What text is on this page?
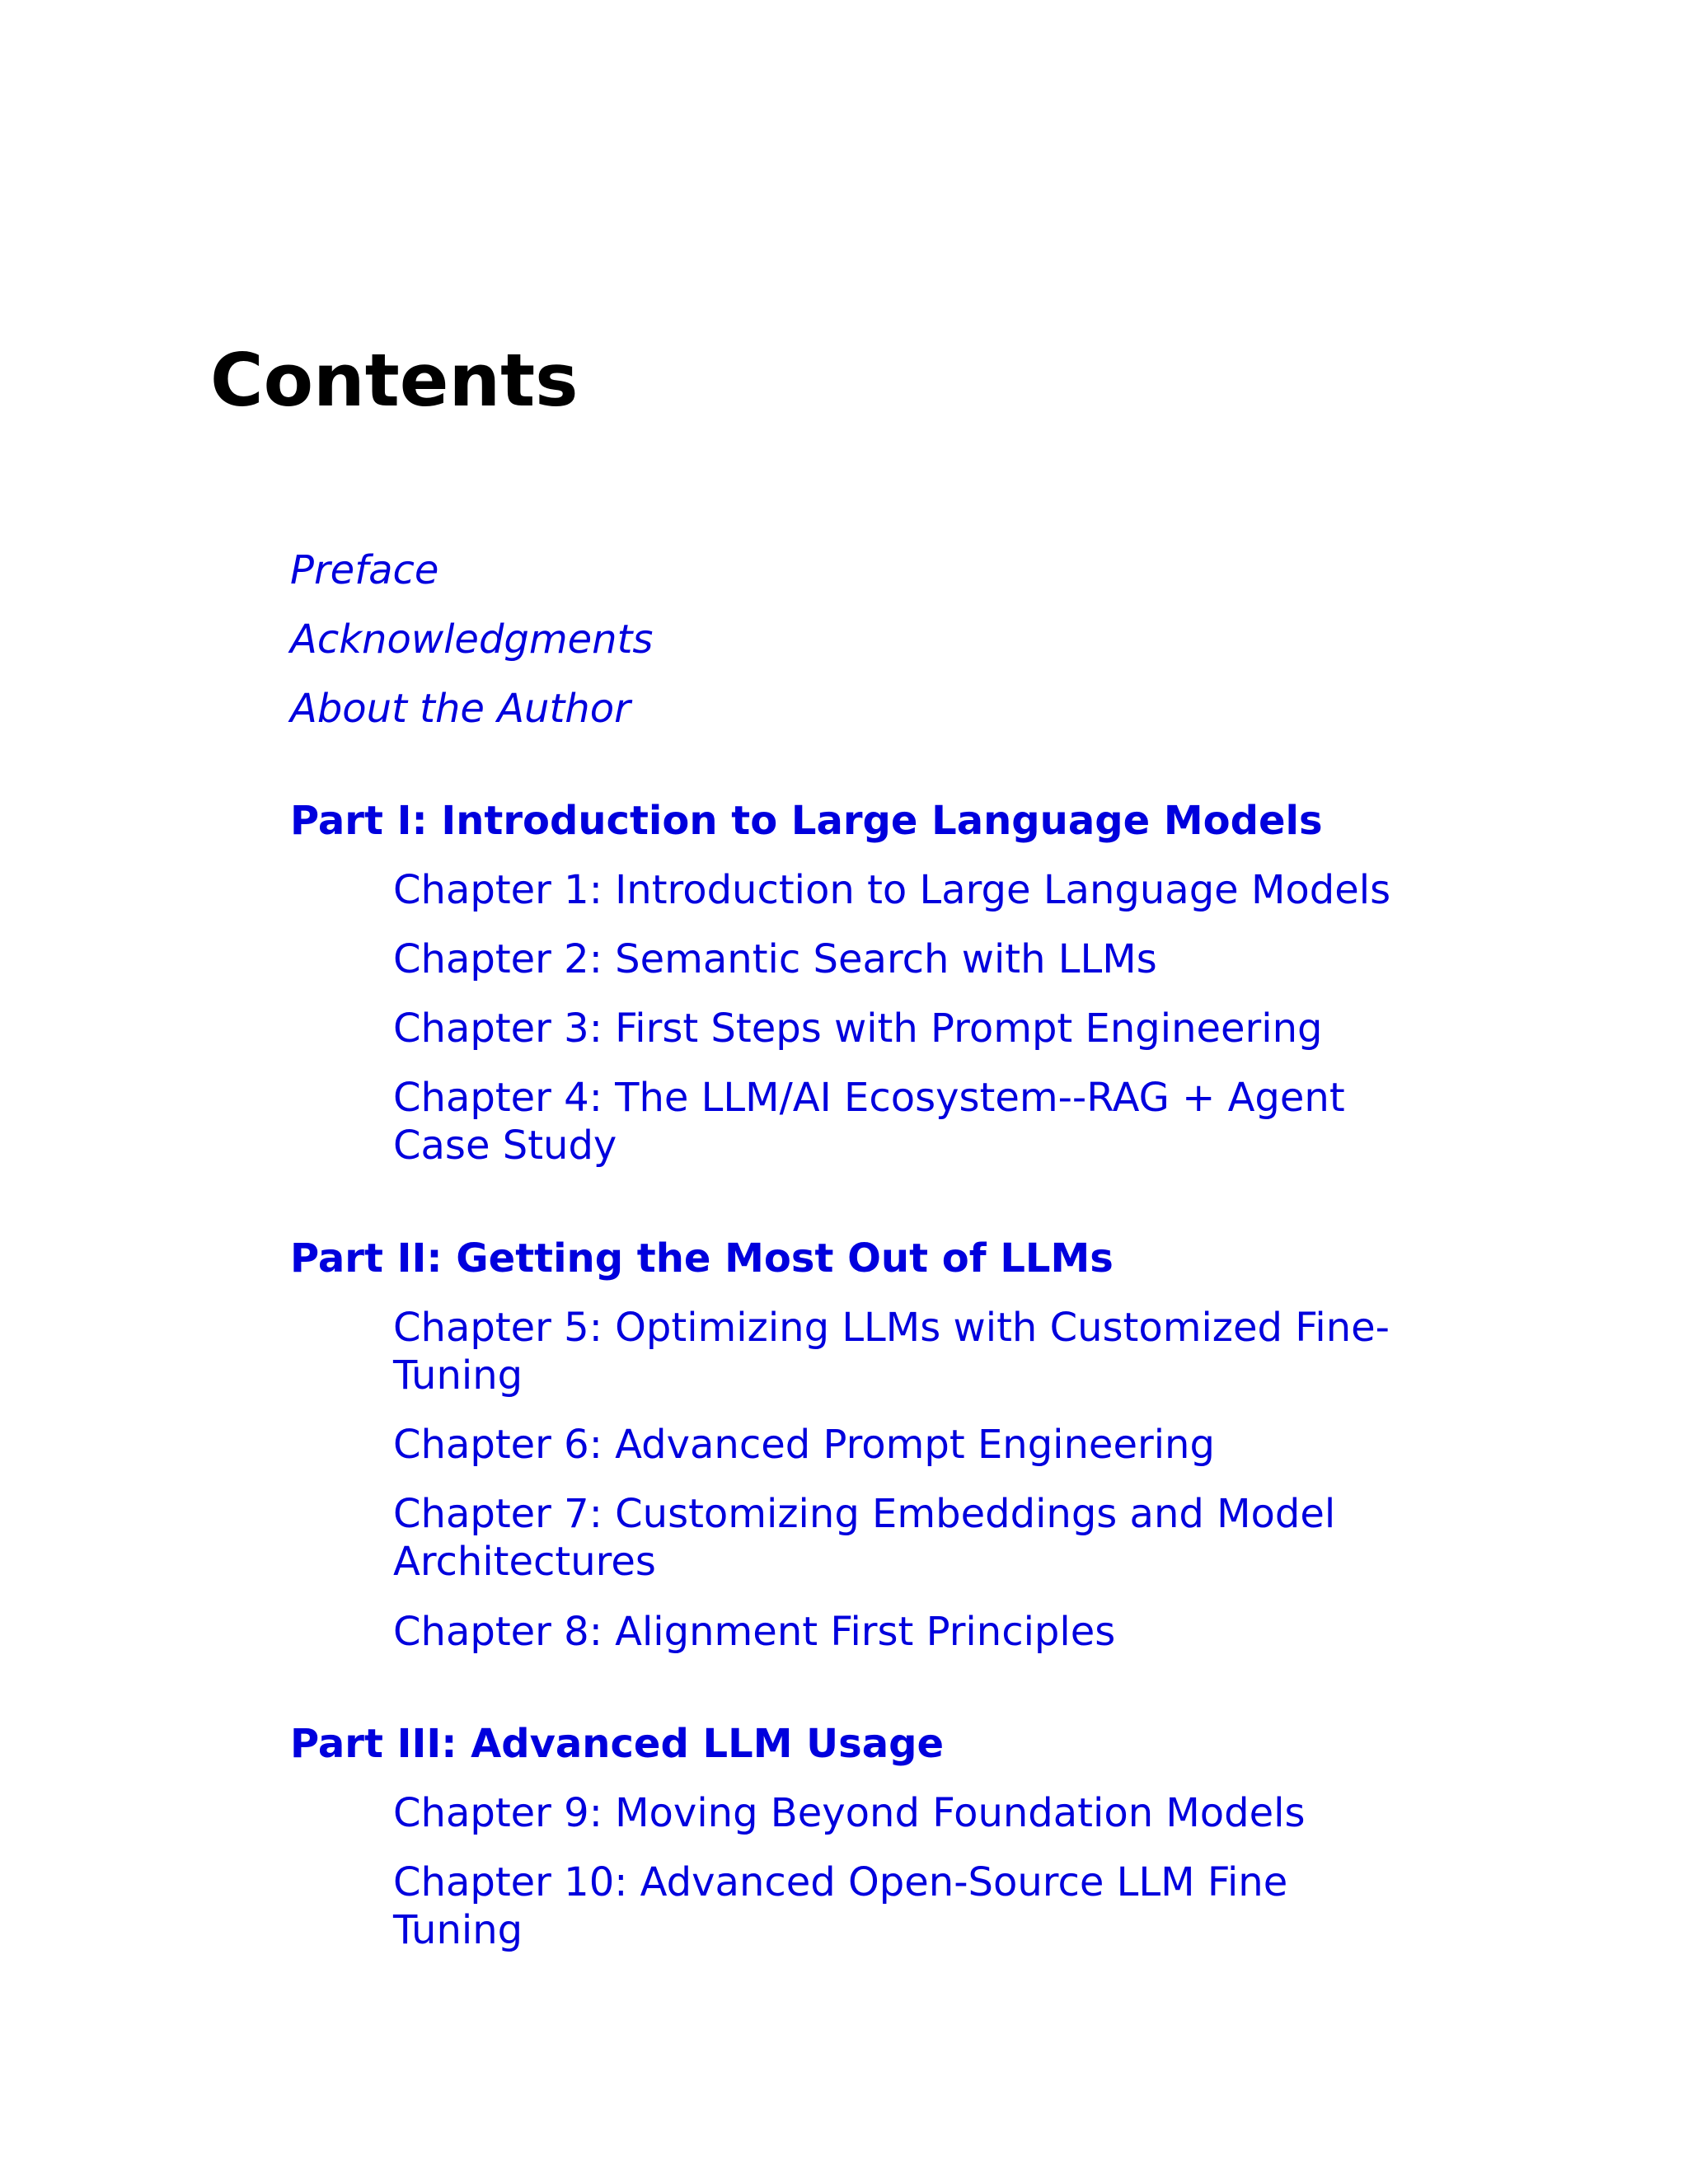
Contents
Preface
Acknowledgments
About the Author
Part I: Introduction to Large Language Models
Chapter 1: Introduction to Large Language Models
Chapter 2: Semantic Search with LLMs
Chapter 3: First Steps with Prompt Engineering
Chapter 4: The LLM/AI Ecosystem--RAG + Agent Case Study
Part II: Getting the Most Out of LLMs
Chapter 5: Optimizing LLMs with Customized Fine-Tuning
Chapter 6: Advanced Prompt Engineering
Chapter 7: Customizing Embeddings and Model Architectures
Chapter 8: Alignment First Principles
Part III: Advanced LLM Usage
Chapter 9: Moving Beyond Foundation Models
Chapter 10: Advanced Open-Source LLM Fine Tuning
